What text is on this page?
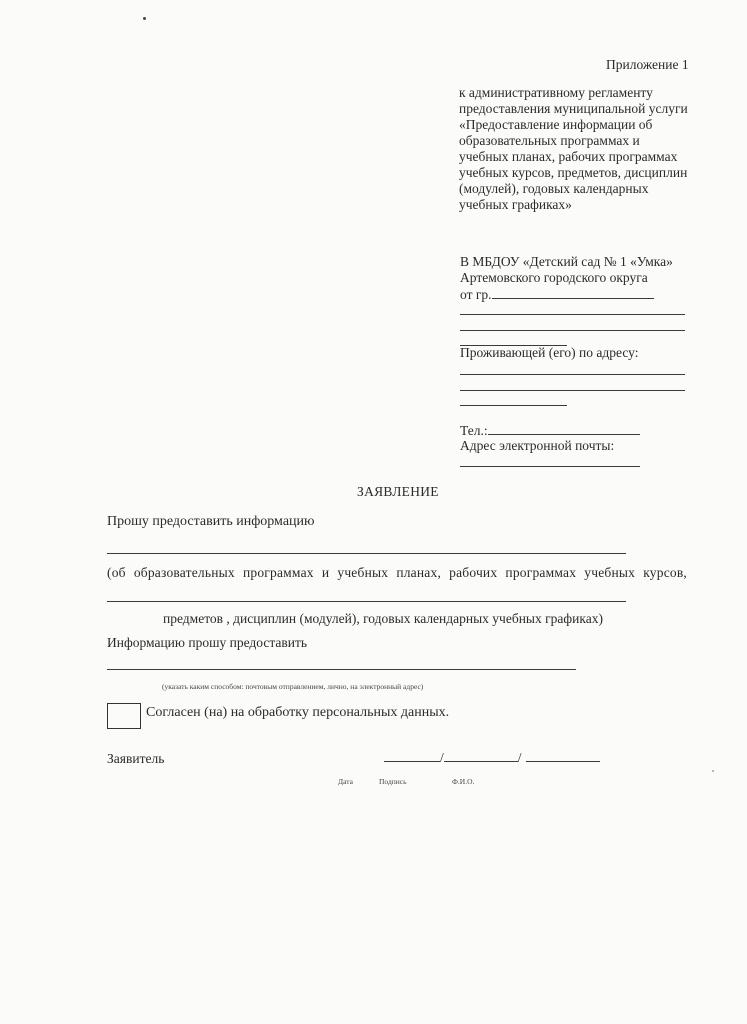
Приложение 1
к административному регламенту
предоставления муниципальной услуги
«Предоставление информации об
образовательных программах и
учебных планах, рабочих программах
учебных курсов, предметов, дисциплин
(модулей), годовых календарных
учебных графиках»
В МБДОУ «Детский сад № 1 «Умка»
Артемовского городского округа
от гр.
Проживающей (его) по адресу:
Тел.:
Адрес электронной почты:
ЗАЯВЛЕНИЕ
Прошу предоставить информацию
(об образовательных программах и учебных планах, рабочих программах учебных курсов,
предметов , дисциплин (модулей), годовых календарных учебных графиках)
Информацию прошу предоставить
(указать каким способом: почтовым отправлением, лично, на электронный адрес)
Согласен (на) на обработку персональных данных.
Заявитель	/	/
Дата	Подпись	Ф.И.О.
